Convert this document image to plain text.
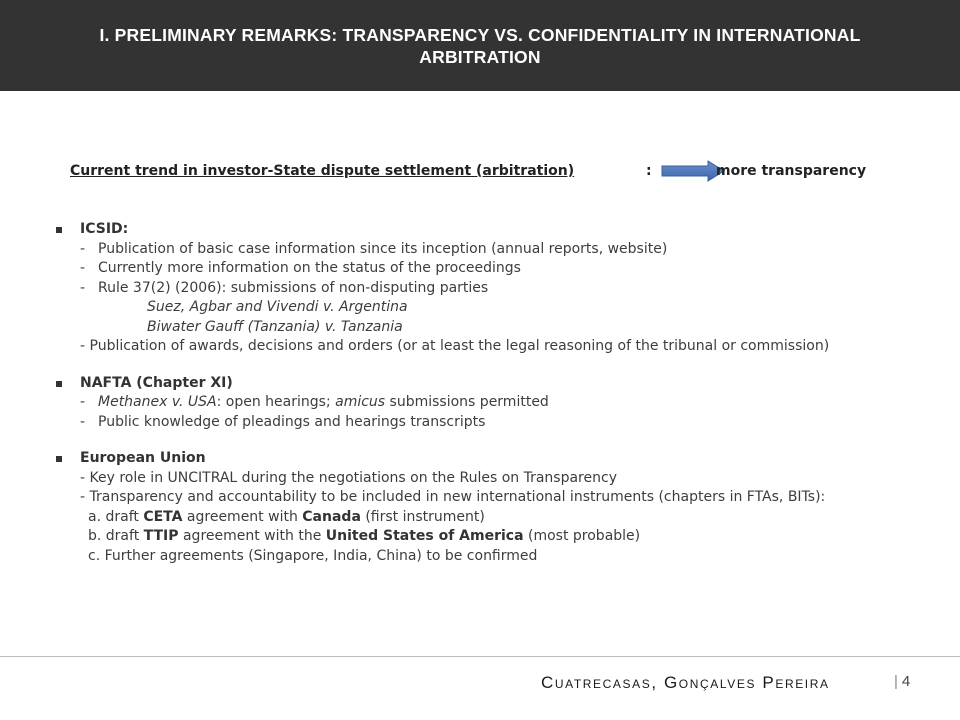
I. PRELIMINARY REMARKS: TRANSPARENCY VS. CONFIDENTIALITY IN INTERNATIONAL ARBITRATION
Current trend in investor-State dispute settlement (arbitration)	:	more transparency
ICSID:
- Publication of basic case information since its inception (annual reports, website)
- Currently more information on the status of the proceedings
- Rule 37(2) (2006): submissions of non-disputing parties
Suez, Agbar and Vivendi v. Argentina
Biwater Gauff (Tanzania) v. Tanzania
- Publication of awards, decisions and orders (or at least the legal reasoning of the tribunal or commission)
NAFTA (Chapter XI)
- Methanex v. USA: open hearings; amicus submissions permitted
- Public knowledge of pleadings and hearings transcripts
European Union
- Key role in UNCITRAL during the negotiations on the Rules on Transparency
- Transparency and accountability to be included in new international instruments (chapters in FTAs, BITs):
a. draft CETA agreement with Canada (first instrument)
b. draft TTIP agreement with the United States of America (most probable)
c. Further agreements (Singapore, India, China) to be confirmed
Cuatrecasas, Gonçalves Pereira	| 4
